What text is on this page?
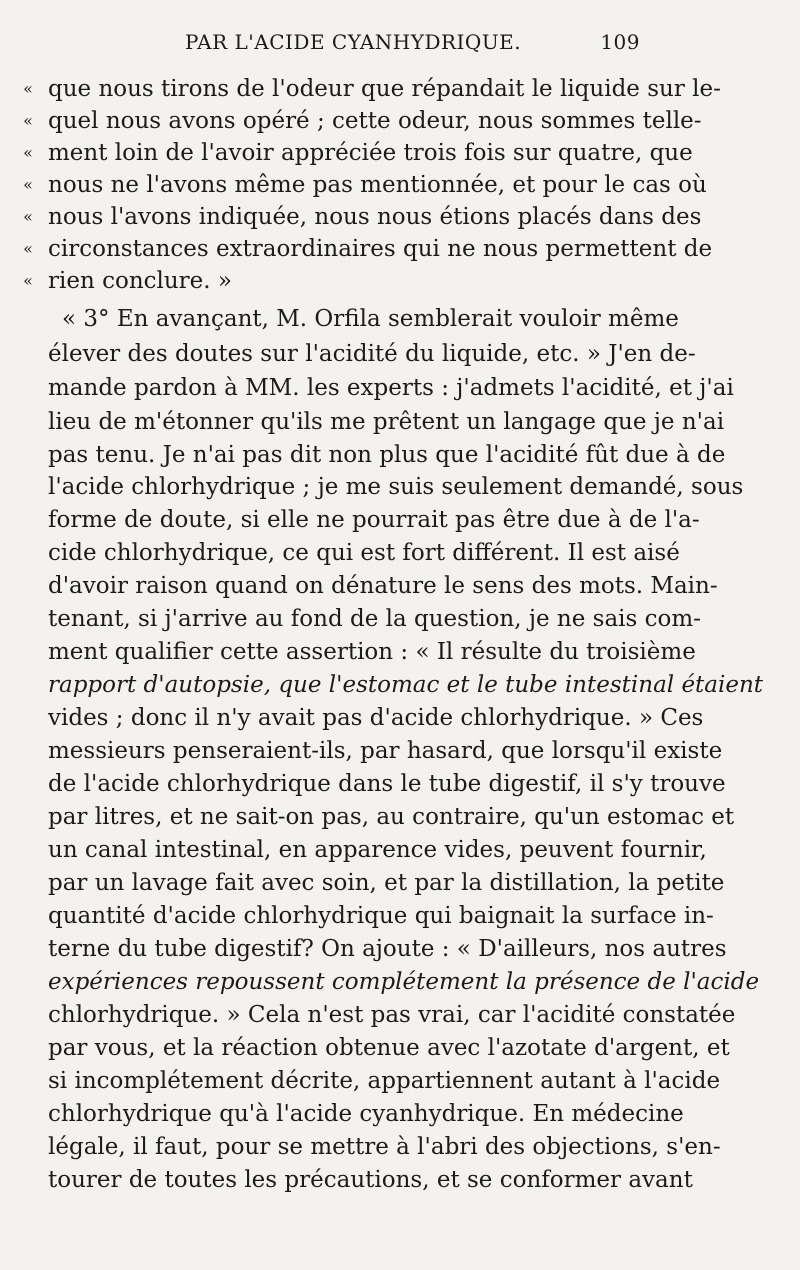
PAR L'ACIDE CYANHYDRIQUE.	109
«
«
«
«
«
«
«
que nous tirons de l'odeur que répandait le liquide sur le-
quel nous avons opéré ; cette odeur, nous sommes telle-
ment loin de l'avoir appréciée trois fois sur quatre, que
nous ne l'avons même pas mentionnée, et pour le cas où
nous l'avons indiquée, nous nous étions placés dans des
circonstances extraordinaires qui ne nous permettent de
rien conclure. »
« 3° En avançant, M. Orfila semblerait vouloir même
élever des doutes sur l'acidité du liquide, etc. » J'en de-
mande pardon à MM. les experts : j'admets l'acidité, et j'ai
lieu de m'étonner qu'ils me prêtent un langage que je n'ai
pas tenu. Je n'ai pas dit non plus que l'acidité fût due à de
l'acide chlorhydrique ; je me suis seulement demandé, sous
forme de doute, si elle ne pourrait pas être due à de l'a-
cide chlorhydrique, ce qui est fort différent. Il est aisé
d'avoir raison quand on dénature le sens des mots. Main-
tenant, si j'arrive au fond de la question, je ne sais com-
ment qualifier cette assertion : « Il résulte du troisième
rapport d'autopsie, que l'estomac et le tube intestinal étaient
vides ; donc il n'y avait pas d'acide chlorhydrique. » Ces
messieurs penseraient-ils, par hasard, que lorsqu'il existe
de l'acide chlorhydrique dans le tube digestif, il s'y trouve
par litres, et ne sait-on pas, au contraire, qu'un estomac et
un canal intestinal, en apparence vides, peuvent fournir,
par un lavage fait avec soin, et par la distillation, la petite
quantité d'acide chlorhydrique qui baignait la surface in-
terne du tube digestif? On ajoute : « D'ailleurs, nos autres
expériences repoussent complétement la présence de l'acide
chlorhydrique. » Cela n'est pas vrai, car l'acidité constatée
par vous, et la réaction obtenue avec l'azotate d'argent, et
si incomplétement décrite, appartiennent autant à l'acide
chlorhydrique qu'à l'acide cyanhydrique. En médecine
légale, il faut, pour se mettre à l'abri des objections, s'en-
tourer de toutes les précautions, et se conformer avant
